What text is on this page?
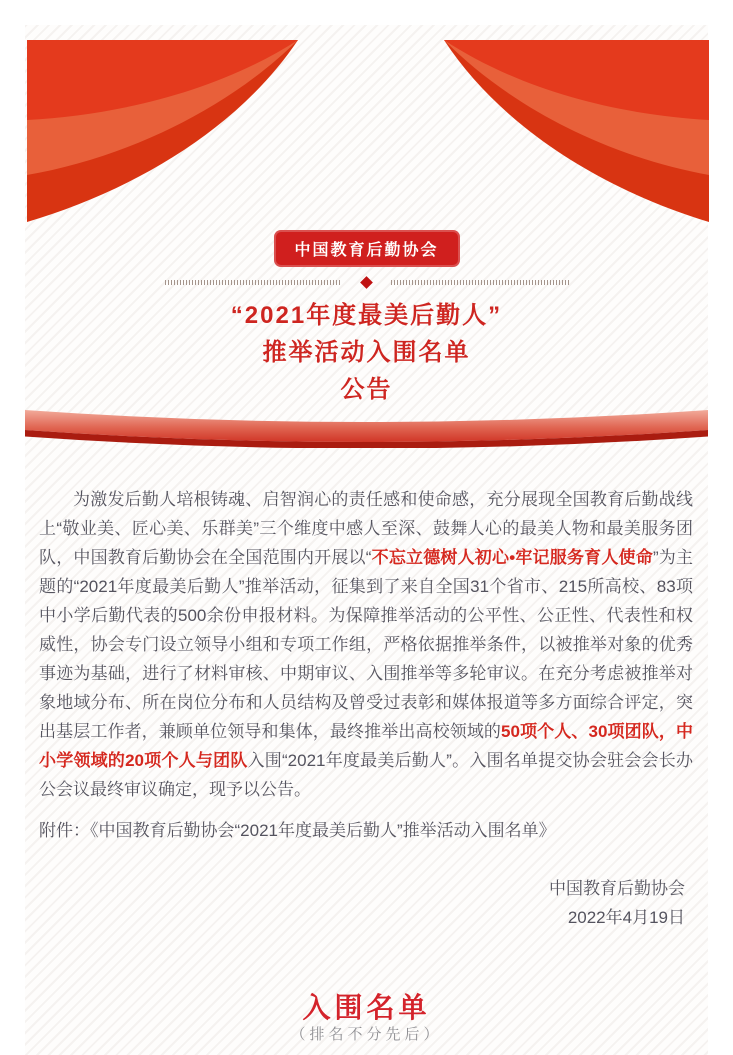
中国教育后勤协会
“2021年度最美后勤人”
推举活动入围名单
公告

为激发后勤人培根铸魂、启智润心的责任感和使命感，充分展现全国教育后勤战线上“敬业美、匠心美、乐群美”三个维度中感人至深、鼓舞人心的最美人物和最美服务团队，中国教育后勤协会在全国范围内开展以“不忘立德树人初心•牢记服务育人使命”为主题的“2021年度最美后勤人”推举活动，征集到了来自全国31个省市、215所高校、83项中小学后勤代表的500余份申报材料。为保障推举活动的公平性、公正性、代表性和权威性，协会专门设立领导小组和专项工作组，严格依据推举条件，以被推举对象的优秀事迹为基础，进行了材料审核、中期审议、入围推举等多轮审议。在充分考虑被推举对象地域分布、所在岗位分布和人员结构及曾受过表彰和媒体报道等多方面综合评定，突出基层工作者，兼顾单位领导和集体，最终推举出高校领域的50项个人、30项团队，中小学领域的20项个人与团队入围“2021年度最美后勤人”。入围名单提交协会驻会会长办公会议最终审议确定，现予以公告。

附件：《中国教育后勤协会“2021年度最美后勤人”推举活动入围名单》
中国教育后勤协会
2022年4月19日
入围名单
（排名不分先后）
